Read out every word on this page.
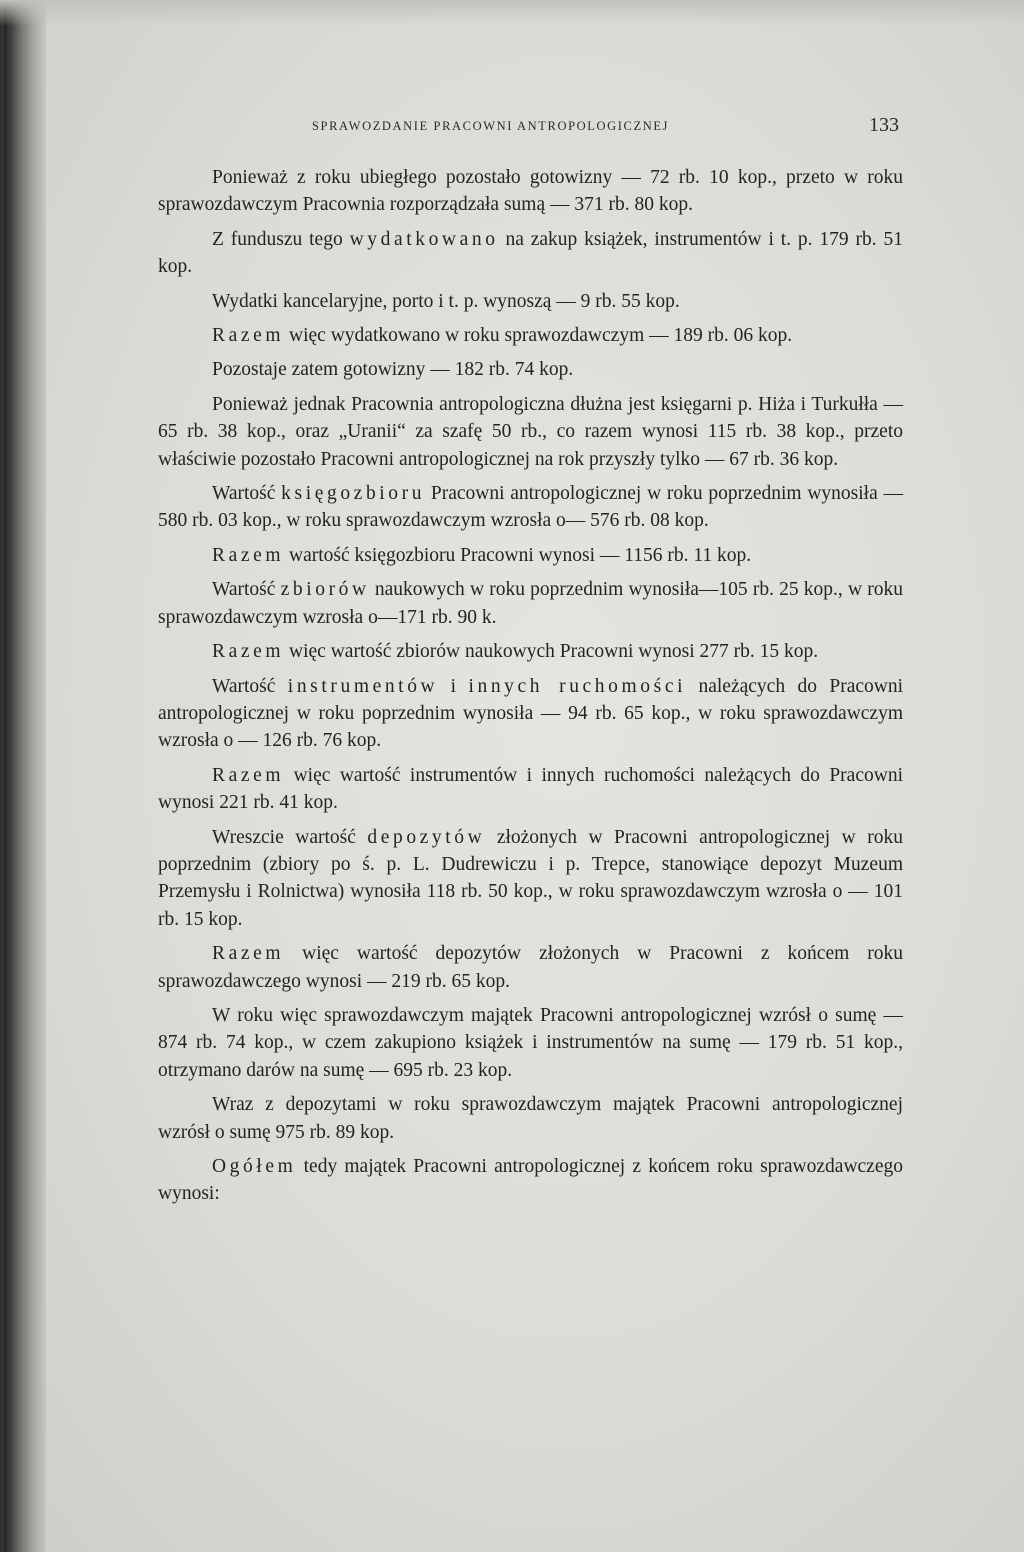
SPRAWOZDANIE PRACOWNI ANTROPOLOGICZNEJ	133

Ponieważ z roku ubiegłego pozostało gotowizny — 72 rb. 10 kop., przeto w roku sprawozdawczym Pracownia rozporządzała sumą — 371 rb. 80 kop.

Z funduszu tego wydatkowano na zakup książek, instrumentów i t. p. 179 rb. 51 kop.

Wydatki kancelaryjne, porto i t. p. wynoszą — 9 rb. 55 kop.

Razem więc wydatkowano w roku sprawozdawczym — 189 rb. 06 kop.

Pozostaje zatem gotowizny — 182 rb. 74 kop.

Ponieważ jednak Pracownia antropologiczna dłużna jest księgarni p. Hiża i Turkułła — 65 rb. 38 kop., oraz „Uranii“ za szafę 50 rb., co razem wynosi 115 rb. 38 kop., przeto właściwie pozostało Pracowni antropologicznej na rok przyszły tylko — 67 rb. 36 kop.

Wartość księgozbioru Pracowni antropologicznej w roku poprzednim wynosiła — 580 rb. 03 kop., w roku sprawozdawczym wzrosła o— 576 rb. 08 kop.

Razem wartość księgozbioru Pracowni wynosi — 1156 rb. 11 kop.

Wartość zbiorów naukowych w roku poprzednim wynosiła—105 rb. 25 kop., w roku sprawozdawczym wzrosła o—171 rb. 90 k.

Razem więc wartość zbiorów naukowych Pracowni wynosi 277 rb. 15 kop.

Wartość instrumentów i innych ruchomości należących do Pracowni antropologicznej w roku poprzednim wynosiła — 94 rb. 65 kop., w roku sprawozdawczym wzrosła o — 126 rb. 76 kop.

Razem więc wartość instrumentów i innych ruchomości należących do Pracowni wynosi 221 rb. 41 kop.

Wreszcie wartość depozytów złożonych w Pracowni antropologicznej w roku poprzednim (zbiory po ś. p. L. Dudrewiczu i p. Trepce, stanowiące depozyt Muzeum Przemysłu i Rolnictwa) wynosiła 118 rb. 50 kop., w roku sprawozdawczym wzrosła o — 101 rb. 15 kop.

Razem więc wartość depozytów złożonych w Pracowni z końcem roku sprawozdawczego wynosi — 219 rb. 65 kop.

W roku więc sprawozdawczym majątek Pracowni antropologicznej wzrósł o sumę — 874 rb. 74 kop., w czem zakupiono książek i instrumentów na sumę — 179 rb. 51 kop., otrzymano darów na sumę — 695 rb. 23 kop.

Wraz z depozytami w roku sprawozdawczym majątek Pracowni antropologicznej wzrósł o sumę 975 rb. 89 kop.

Ogółem tedy majątek Pracowni antropologicznej z końcem roku sprawozdawczego wynosi:
